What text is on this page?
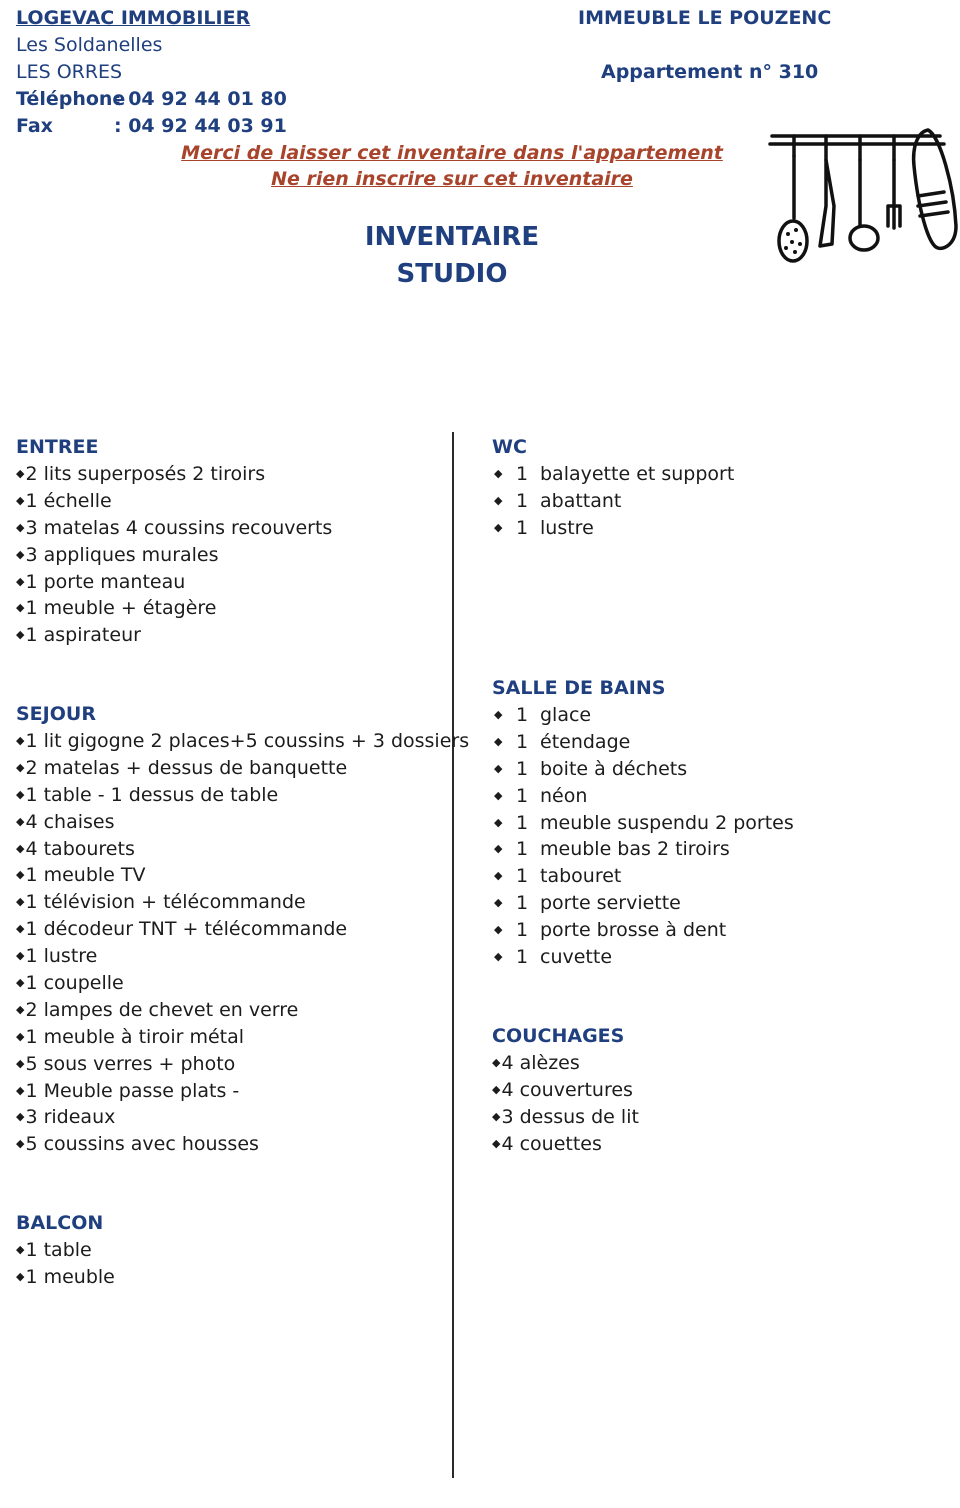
LOGEVAC IMMOBILIER
Les Soldanelles
LES ORRES
Téléphone
: 04 92 44 01 80
Fax	: 04 92 44 03 91
IMMEUBLE LE POUZENC
Appartement n° 310
Merci de laisser cet inventaire dans l'appartement
Ne rien inscrire sur cet inventaire
INVENTAIRE
STUDIO
ENTREE
◆2 lits superposés 2 tiroirs
◆1 échelle
◆3 matelas 4 coussins recouverts
◆3 appliques murales
◆1 porte manteau
◆1 meuble + étagère
◆1 aspirateur
SEJOUR
◆1 lit gigogne 2 places+5 coussins + 3 dossiers
◆2 matelas + dessus de banquette
◆1 table - 1 dessus de table
◆4 chaises
◆4 tabourets
◆1 meuble TV
◆1 télévision + télécommande
◆1 décodeur TNT + télécommande
◆1 lustre
◆1 coupelle
◆2 lampes de chevet en verre
◆1 meuble à tiroir métal
◆5 sous verres + photo
◆1 Meuble passe plats -
◆3 rideaux
◆5 coussins avec housses
BALCON
◆1 table
◆1 meuble
WC
◆ 1 balayette et support
◆ 1 abattant
◆ 1 lustre
SALLE DE BAINS
◆ 1 glace
◆ 1 étendage
◆ 1 boite à déchets
◆ 1 néon
◆ 1 meuble suspendu 2 portes
◆ 1 meuble bas 2 tiroirs
◆ 1 tabouret
◆ 1 porte serviette
◆ 1 porte brosse à dent
◆ 1 cuvette
COUCHAGES
◆4 alèzes
◆4 couvertures
◆3 dessus de lit
◆4 couettes
